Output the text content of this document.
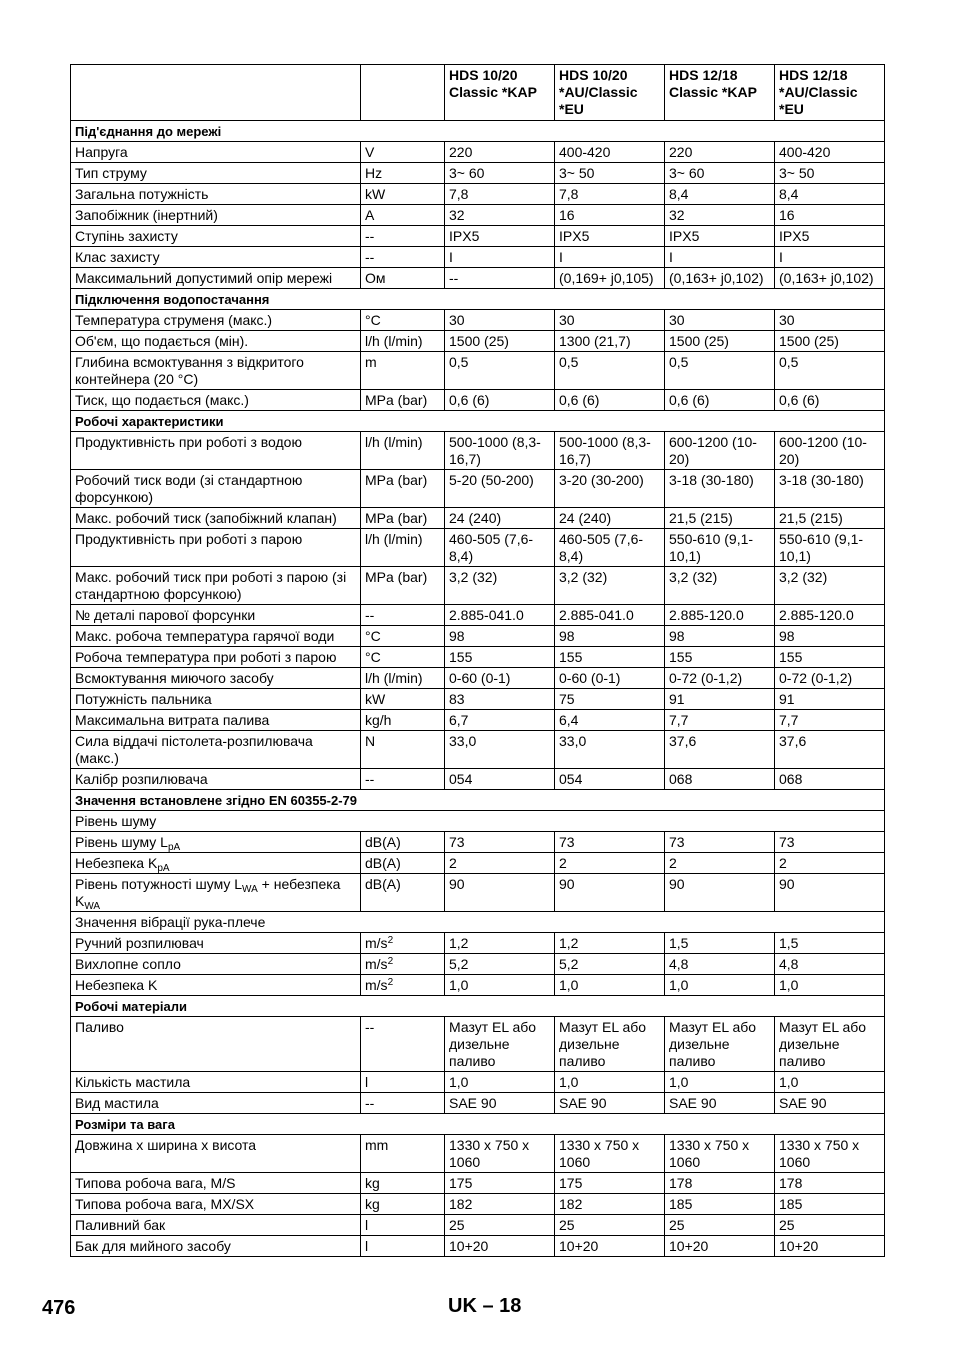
		HDS 10/20 Classic *KAP	HDS 10/20 *AU/Classic *EU	HDS 12/18 Classic *KAP	HDS 12/18 *AU/Classic *EU
Під'єднання до мережі					
Напруга	V	220	400-420	220	400-420
Тип струму	Hz	3~ 60	3~ 50	3~ 60	3~ 50
Загальна потужність	kW	7,8	7,8	8,4	8,4
Запобіжник (інертний)	A	32	16	32	16
Ступінь захисту	--	IPX5	IPX5	IPX5	IPX5
Клас захисту	--	I	I	I	I
Максимальний допустимий опір мережі	Ом	--	(0,169+ j0,105)	(0,163+ j0,102)	(0,163+ j0,102)
Підключення водопостачання					
Температура струменя (макс.)	°C	30	30	30	30
Об'єм, що подається (мін).	l/h (l/min)	1500 (25)	1300 (21,7)	1500 (25)	1500 (25)
Глибина всмоктування з відкритого контейнера (20 °C)	m	0,5	0,5	0,5	0,5
Тиск, що подається (макс.)	MPa (bar)	0,6 (6)	0,6 (6)	0,6 (6)	0,6 (6)
Робочі характеристики					
Продуктивність при роботі з водою	l/h (l/min)	500-1000 (8,3-16,7)	500-1000 (8,3-16,7)	600-1200 (10-20)	600-1200 (10-20)
Робочий тиск води (зі стандартною форсункою)	MPa (bar)	5-20 (50-200)	3-20 (30-200)	3-18 (30-180)	3-18 (30-180)
Макс. робочий тиск (запобіжний клапан)	MPa (bar)	24 (240)	24 (240)	21,5 (215)	21,5 (215)
Продуктивність при роботі з парою	l/h (l/min)	460-505 (7,6-8,4)	460-505 (7,6-8,4)	550-610 (9,1-10,1)	550-610 (9,1-10,1)
Макс. робочий тиск при роботі з парою (зі стандартною форсункою)	MPa (bar)	3,2 (32)	3,2 (32)	3,2 (32)	3,2 (32)
№ деталі парової форсунки	--	2.885-041.0	2.885-041.0	2.885-120.0	2.885-120.0
Макс. робоча температура гарячої води	°C	98	98	98	98
Робоча температура при роботі з парою	°C	155	155	155	155
Всмоктування миючого засобу	l/h (l/min)	0-60 (0-1)	0-60 (0-1)	0-72 (0-1,2)	0-72 (0-1,2)
Потужність пальника	kW	83	75	91	91
Максимальна витрата палива	kg/h	6,7	6,4	7,7	7,7
Сила віддачі пістолета-розпилювача (макс.)	N	33,0	33,0	37,6	37,6
Калібр розпилювача	--	054	054	068	068
Значення встановлене згідно EN 60355-2-79					
Рівень шуму					
Рівень шуму $L_{pA}$	dB(A)	73	73	73	73
Небезпека $K_{pA}$	dB(A)	2	2	2	2
Рівень потужності шуму $L_{WA}$ + небезпека $K_{WA}$	dB(A)	90	90	90	90
Значення вібрації рука-плече					
Ручний розпилювач	$m/s^2$	1,2	1,2	1,5	1,5
Вихлопне сопло	$m/s^2$	5,2	5,2	4,8	4,8
Небезпека K	$m/s^2$	1,0	1,0	1,0	1,0
Робочі матеріали					
Паливо	--	Мазут EL або дизельне паливо	Мазут EL або дизельне паливо	Мазут EL або дизельне паливо	Мазут EL або дизельне паливо
Кількість мастила	l	1,0	1,0	1,0	1,0
Вид мастила	--	SAE 90	SAE 90	SAE 90	SAE 90
Розміри та вага					
Довжина x ширина x висота	mm	1330 x 750 x 1060	1330 x 750 x 1060	1330 x 750 x 1060	1330 x 750 x 1060
Типова робоча вага, M/S	kg	175	175	178	178
Типова робоча вага, MX/SX	kg	182	182	185	185
Паливний бак	l	25	25	25	25
Бак для мийного засобу	l	10+20	10+20	10+20	10+20
476	UK – 18
